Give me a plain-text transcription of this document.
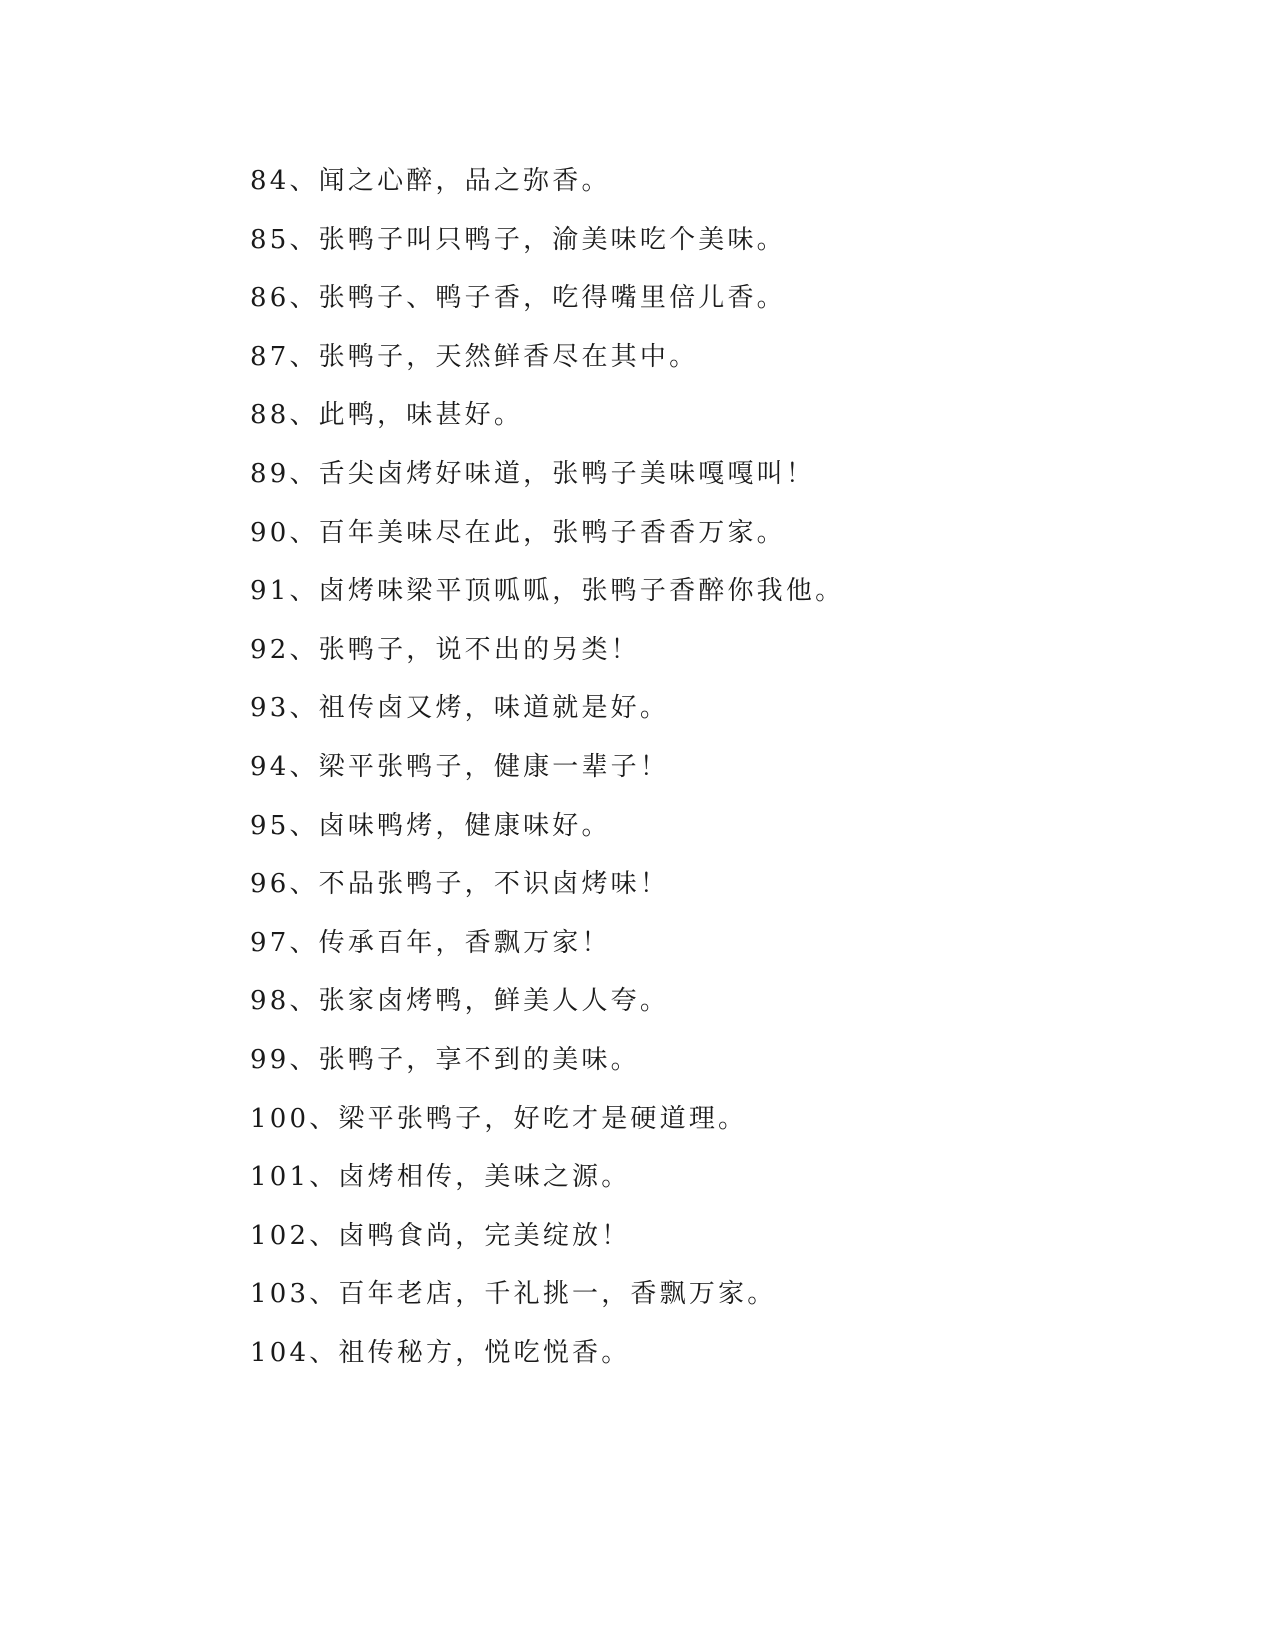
84、闻之心醉，品之弥香。
85、张鸭子叫只鸭子，渝美味吃个美味。
86、张鸭子、鸭子香，吃得嘴里倍儿香。
87、张鸭子，天然鲜香尽在其中。
88、此鸭，味甚好。
89、舌尖卤烤好味道，张鸭子美味嘎嘎叫！
90、百年美味尽在此，张鸭子香香万家。
91、卤烤味梁平顶呱呱，张鸭子香醉你我他。
92、张鸭子，说不出的另类！
93、祖传卤又烤，味道就是好。
94、梁平张鸭子，健康一辈子！
95、卤味鸭烤，健康味好。
96、不品张鸭子，不识卤烤味！
97、传承百年，香飘万家！
98、张家卤烤鸭，鲜美人人夸。
99、张鸭子，享不到的美味。
100、梁平张鸭子，好吃才是硬道理。
101、卤烤相传，美味之源。
102、卤鸭食尚，完美绽放！
103、百年老店，千礼挑一，香飘万家。
104、祖传秘方，悦吃悦香。
